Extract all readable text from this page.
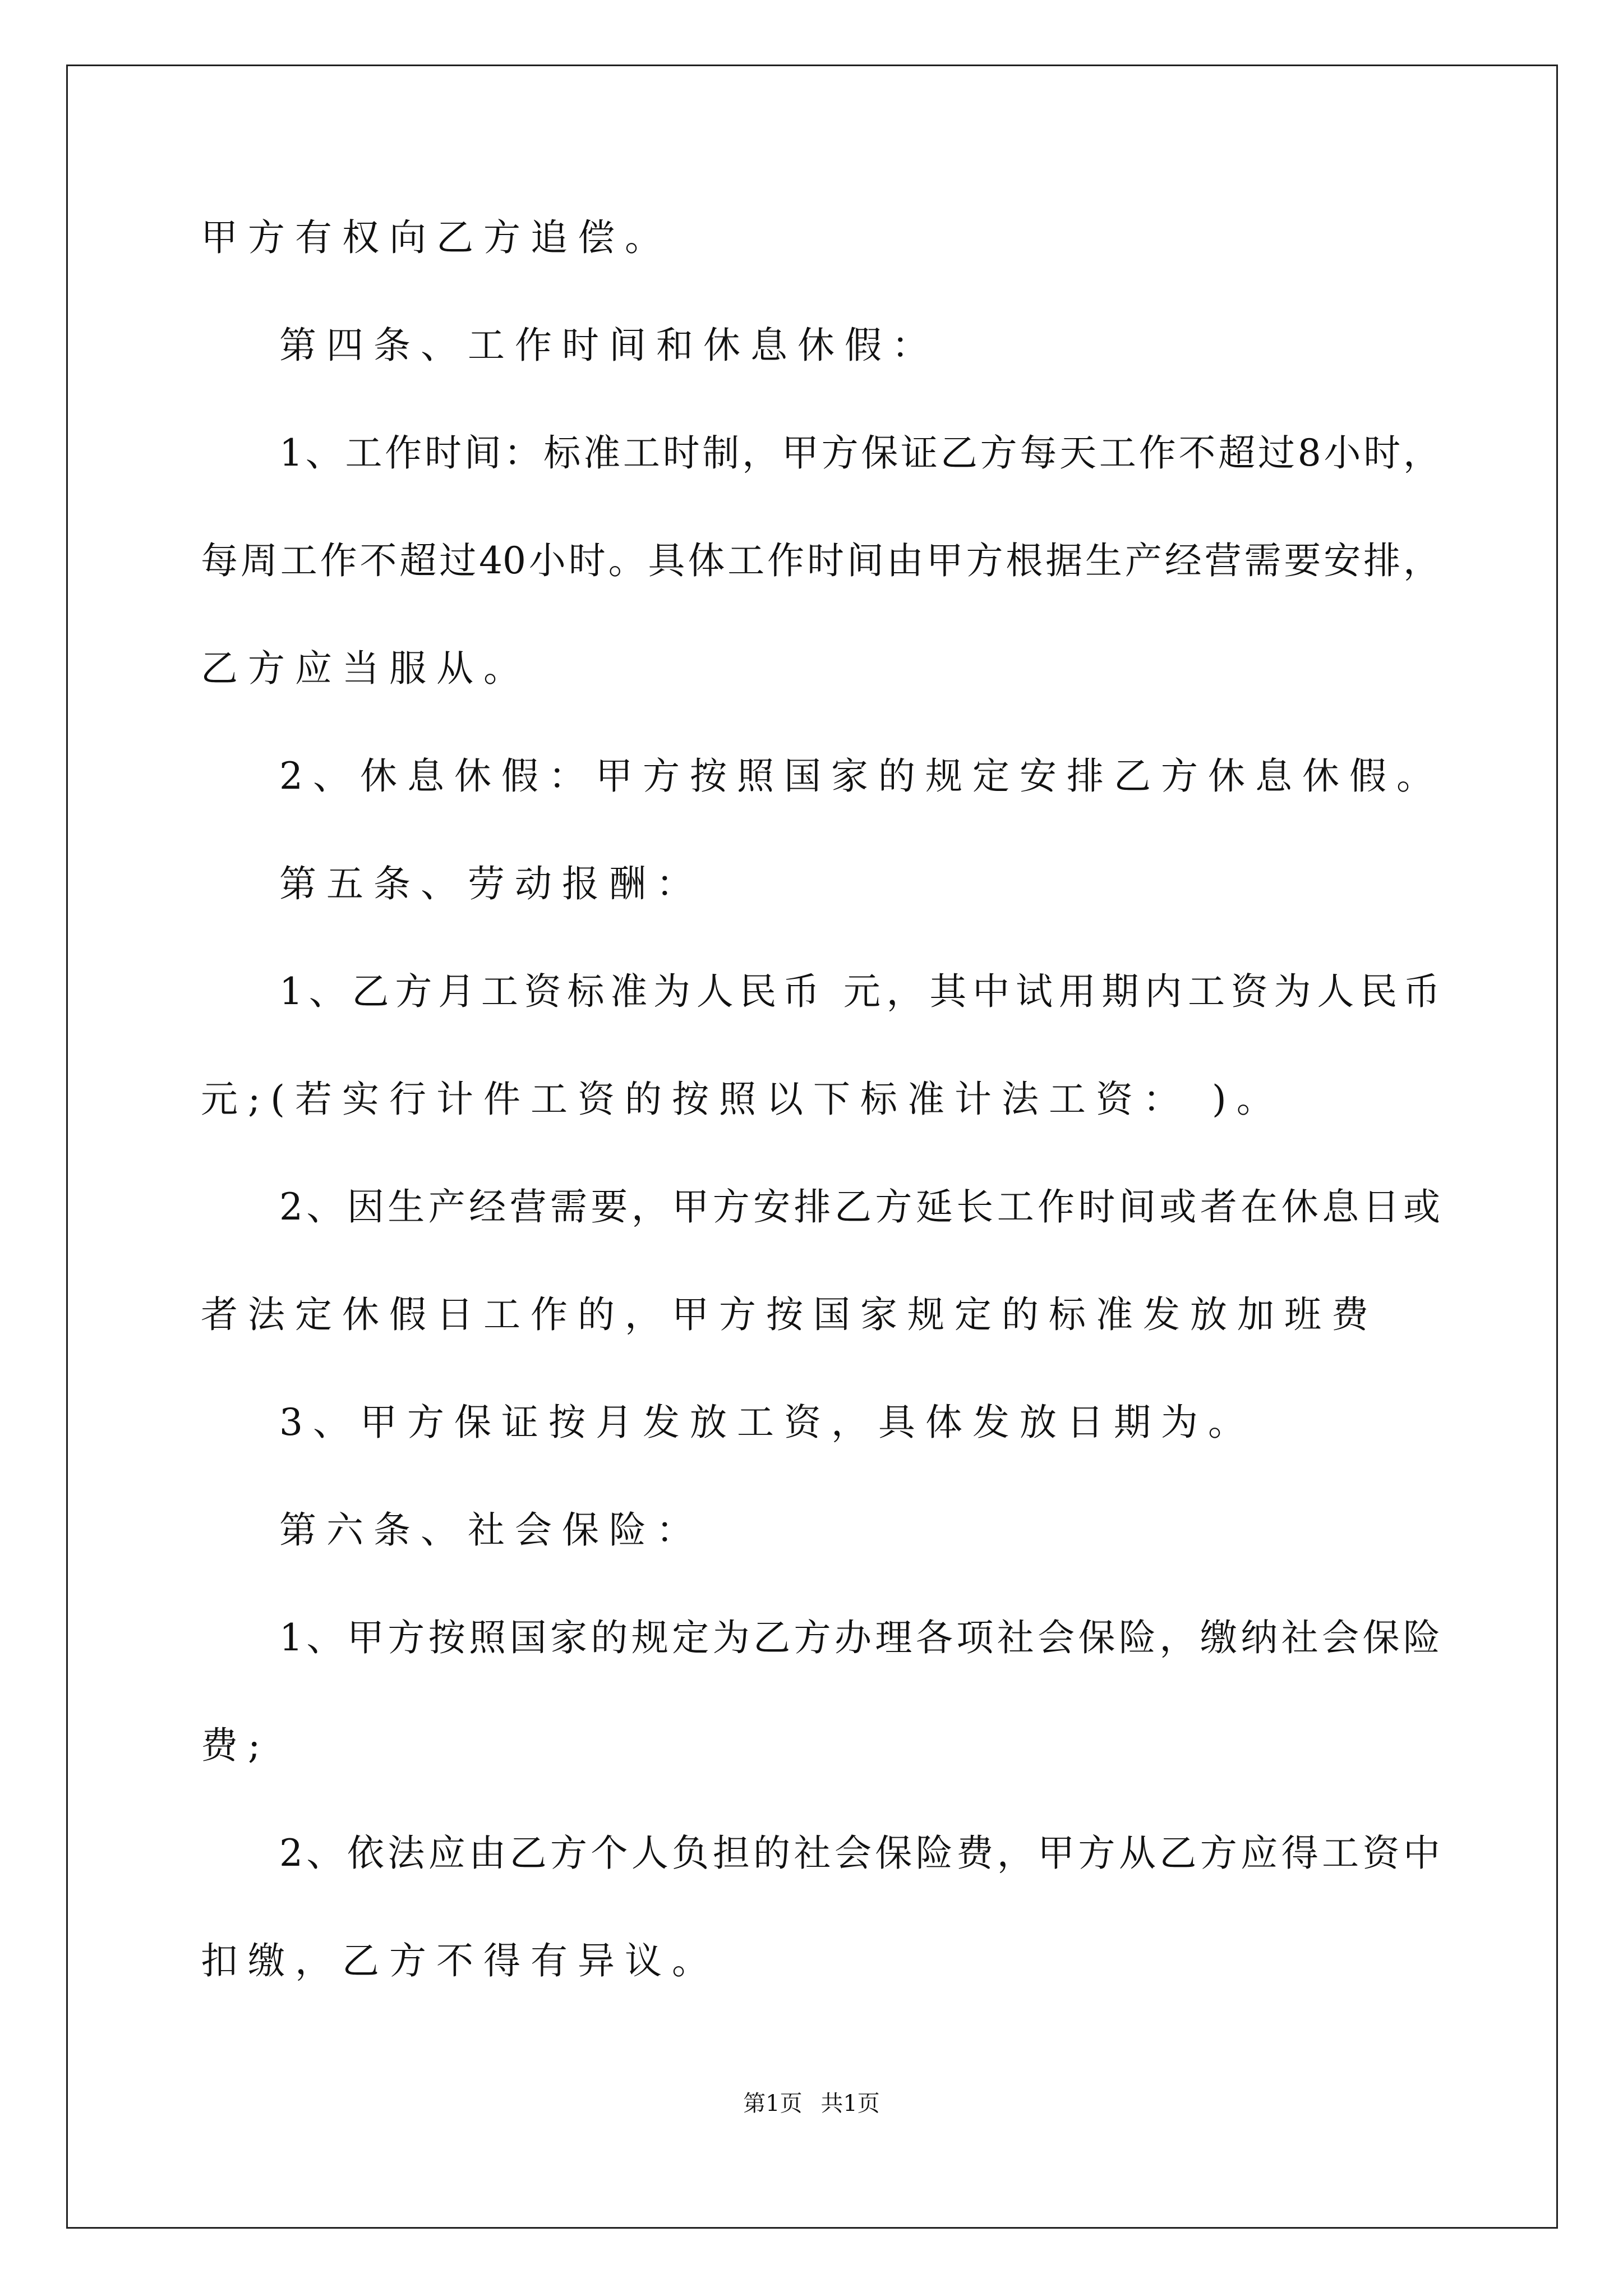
甲方有权向乙方追偿。

第四条、工作时间和休息休假：

1、工作时间：标准工时制，甲方保证乙方每天工作不超过8小时，

每周工作不超过40小时。具体工作时间由甲方根据生产经营需要安排，

乙方应当服从。

2、休息休假：甲方按照国家的规定安排乙方休息休假。

第五条、劳动报酬：

1、乙方月工资标准为人民币 元，其中试用期内工资为人民币

元;(若实行计件工资的按照以下标准计法工资： )。

2、因生产经营需要，甲方安排乙方延长工作时间或者在休息日或

者法定休假日工作的，甲方按国家规定的标准发放加班费

3、甲方保证按月发放工资，具体发放日期为。

第六条、社会保险：

1、甲方按照国家的规定为乙方办理各项社会保险，缴纳社会保险

费;

2、依法应由乙方个人负担的社会保险费，甲方从乙方应得工资中

扣缴，乙方不得有异议。

第1页 共1页
